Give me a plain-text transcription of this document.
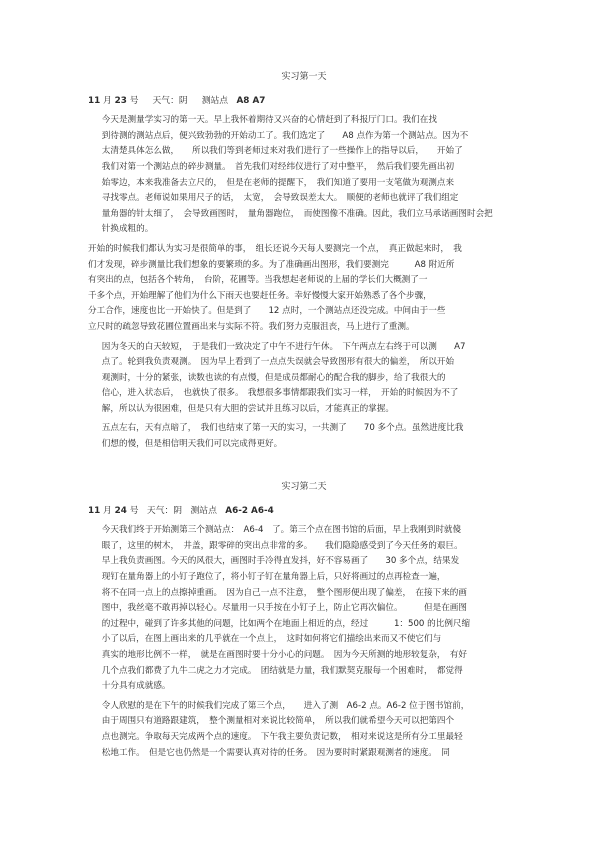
实习第一天
11 月 23 号 天气：阴 测站点 A8 A7
今天是测量学实习的第一天。早上我怀着期待又兴奋的心情赶到了科报厅门口。我们在找
到待测的测站点后，便兴致勃勃的开始动工了。我们选定了　　A8 点作为第一个测站点。因为不
太清楚具体怎么做，　　所以我们等到老师过来对我们进行了一些操作上的指导以后，　　开始了
我们对第一个测站点的碎步测量。　首先我们对经纬仪进行了对中整平，　然后我们要先画出初
始零边，本来我准备去立尺的，　但是在老师的提醒下，　我们知道了要用一支笔做为观测点来
寻找零点。老师说如果用尺子的话，　太宽，　会导致误差太大。　顺便的老师也就评了我们组定
量角器的针太细了，　会导致画图时，　量角器跑位，　而使图像不准确。因此，我们立马承诺画图时会把
针换成粗的。
开始的时候我们都认为实习是很简单的事，　组长还说今天每人要测完一个点，　真正做起来时，　我
们才发现，碎步测量比我们想象的要繁琐的多。为了准确画出图形，我们要测完　　　A8 附近所
有突出的点，包括各个转角，　台阶，花圃等。当我想起老师说的上届的学长们大概测了一
千多个点，开始理解了他们为什么下雨天也要赶任务。幸好慢慢大家开始熟悉了各个步骤，
分工合作，速度也比一开始快了。但是到了　　12 点时，一个测站点还没完成。中间由于一些
立尺时的疏忽导致花圃位置画出来与实际不符。我们努力克服沮丧，马上进行了重测。
因为冬天的白天较短，　于是我们一致决定了中午不进行午休。　下午两点左右终于可以测　　A7
点了。轮到我负责观测。　因为早上看到了一点点失误就会导致图形有很大的偏差，　所以开始
观测时，十分的紧张，读数也读的有点慢，但是成员都耐心的配合我的脚步，给了我很大的
信心，进入状态后，　也就快了很多。　我想很多事情都跟我们实习一样，　开始的时候因为不了
解，所以认为很困难，但是只有大胆的尝试并且练习以后，才能真正的掌握。
五点左右，天有点暗了，　我们也结束了第一天的实习，一共测了　　70 多个点。虽然进度比我
们想的慢，但是相信明天我们可以完成得更好。
实习第二天
11 月 24 号 天气：阴 测站点 A6-2 A6-4
今天我们终于开始测第三个测站点：　A6-4　了。第三个点在图书馆的后面，早上我刚到时就傻
眼了，这里的树木，　井盖，跟零碎的突出点非常的多。　　我们隐隐感受到了今天任务的艰巨。
早上我负责画图。今天的风很大，画图时手冷得直发抖，好不容易画了　　30 多个点，结果发
现钉在量角器上的小钉子跑位了，将小钉子钉在量角器上后，只好将画过的点再检查一遍，
将不在同一点上的点擦掉重画。　因为自己一点不注意，　整个图形便出现了偏差，　在接下来的画
图中，我丝毫不敢再掉以轻心。尽量用一只手按在小钉子上，防止它再次偏位。　　　但是在画图
的过程中，碰到了许多其他的问题，比如两个在地面上相近的点，经过　　　1：500 的比例尺缩
小了以后，在图上画出来的几乎就在一个点上，　这时如何将它们描绘出来而又不使它们与
真实的地形比例不一样，　就是在画图时要十分小心的问题。　因为今天所测的地形较复杂，　有好
几个点我们都费了九牛二虎之力才完成。　团结就是力量，我们默契克服每一个困难时，　都觉得
十分具有成就感。
令人欣慰的是在下午的时候我们完成了第三个点，　　进入了测　A6-2 点。A6-2 位于图书馆前，
由于周围只有道路跟建筑，　整个测量相对来说比较简单，　所以我们就希望今天可以把第四个
点也测完。争取每天完成两个点的速度。　下午我主要负责记数，　相对来说这是所有分工里最轻
松地工作。　但是它也仍然是一个需要认真对待的任务。　因为要时时紧跟观测者的速度。　同
